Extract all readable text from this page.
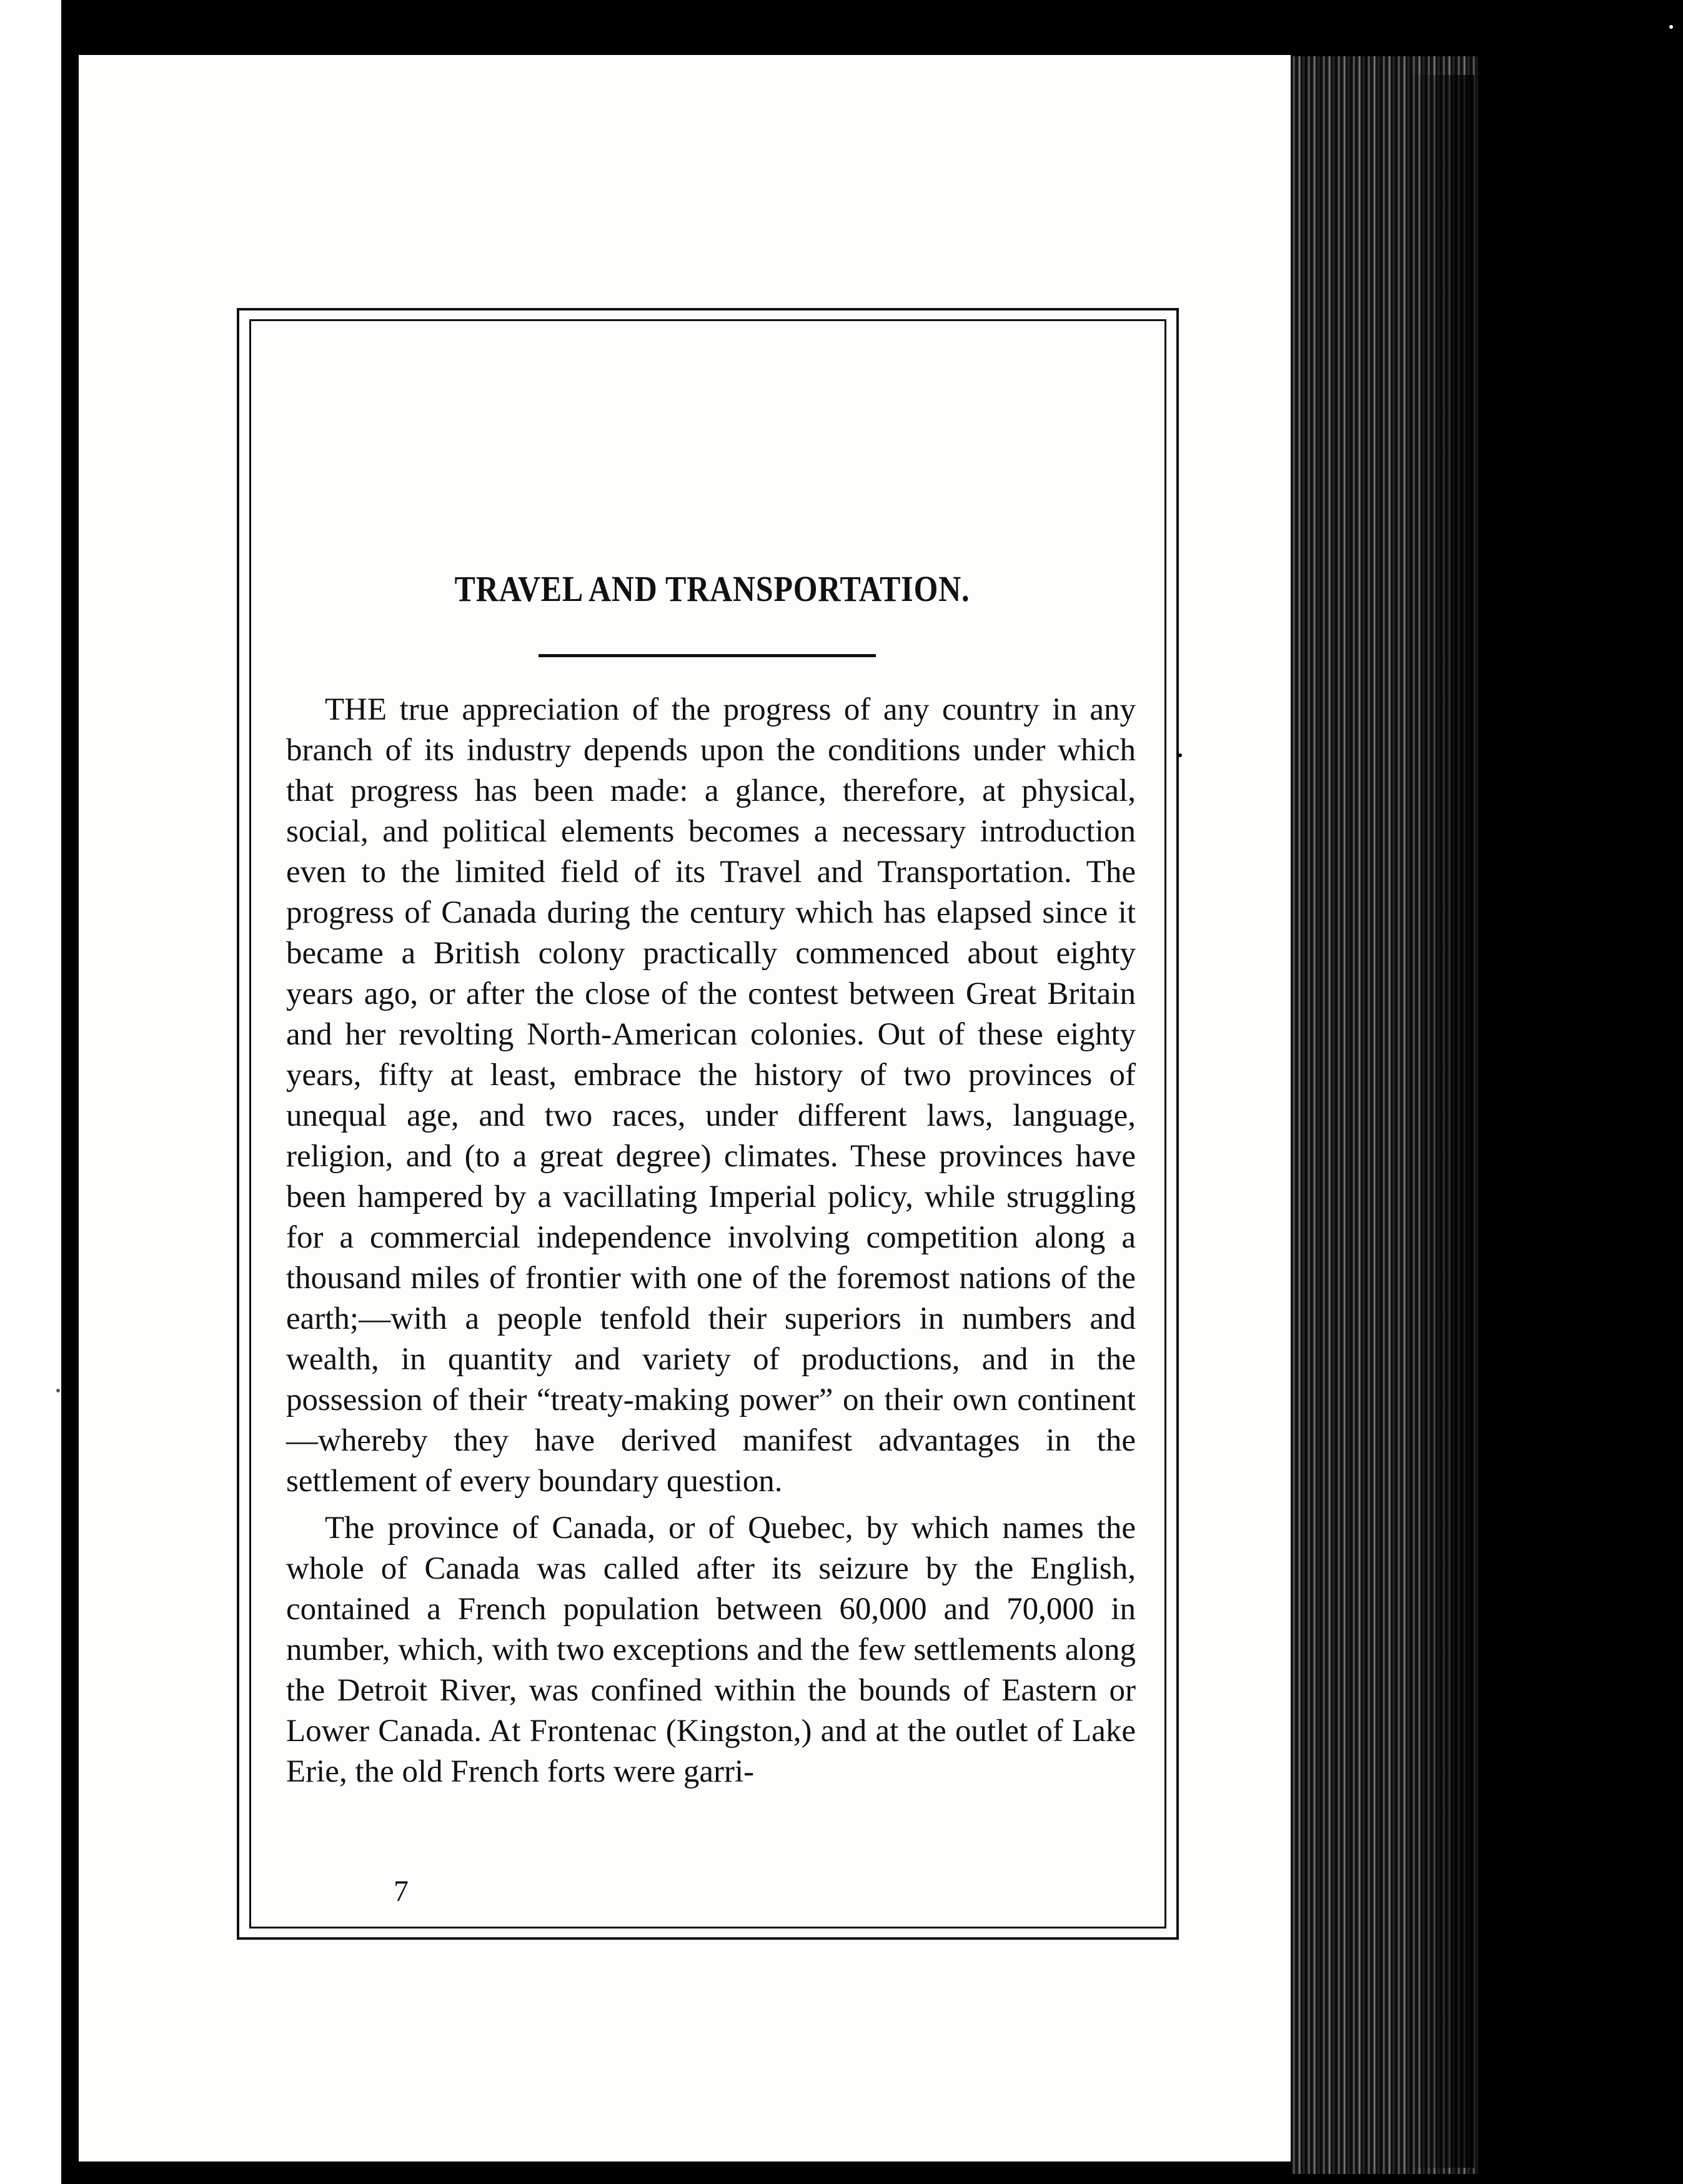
TRAVEL AND TRANSPORTATION.

THE true appreciation of the progress of any country in any branch of its industry depends upon the conditions under which that progress has been made: a glance, therefore, at physical, social, and political elements becomes a necessary introduction even to the limited field of its Travel and Transportation. The progress of Canada during the century which has elapsed since it became a British colony practically commenced about eighty years ago, or after the close of the contest between Great Britain and her revolting North-American colonies. Out of these eighty years, fifty at least, embrace the history of two provinces of unequal age, and two races, under different laws, language, religion, and (to a great degree) climates. These provinces have been hampered by a vacillating Imperial policy, while struggling for a commercial independence involving competition along a thousand miles of frontier with one of the foremost nations of the earth;—with a people tenfold their superiors in numbers and wealth, in quantity and variety of productions, and in the possession of their “treaty-making power” on their own continent—whereby they have derived manifest advantages in the settlement of every boundary question.

The province of Canada, or of Quebec, by which names the whole of Canada was called after its seizure by the English, contained a French population between 60,000 and 70,000 in number, which, with two exceptions and the few settlements along the Detroit River, was confined within the bounds of Eastern or Lower Canada. At Frontenac (Kingston,) and at the outlet of Lake Erie, the old French forts were garri-

7
